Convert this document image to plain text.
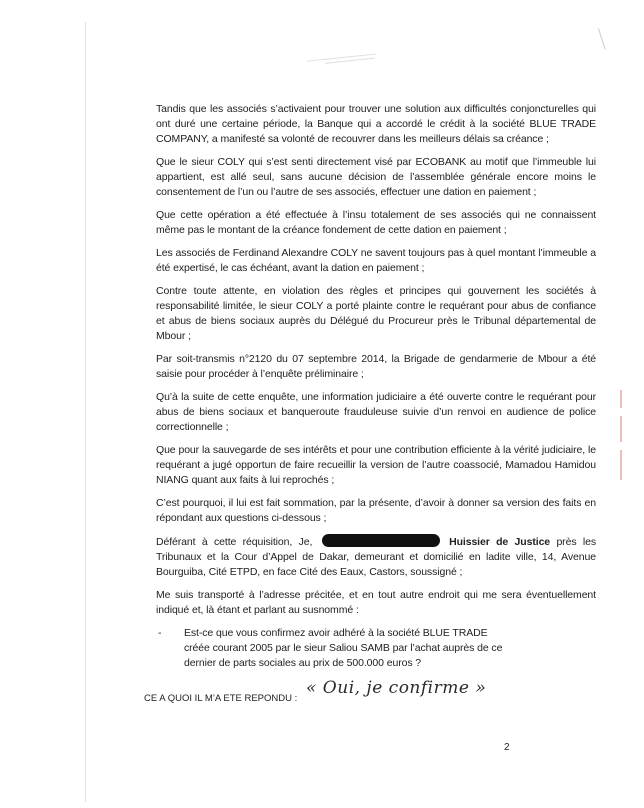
Tandis que les associés s’activaient pour trouver une solution aux difficultés conjoncturelles qui ont duré une certaine période, la Banque qui a accordé le crédit à la société BLUE TRADE COMPANY, a manifesté sa volonté de recouvrer dans les meilleurs délais sa créance ;

Que le sieur COLY qui s’est senti directement visé par ECOBANK au motif que l’immeuble lui appartient, est allé seul, sans aucune décision de l’assemblée générale encore moins le consentement de l’un ou l’autre de ses associés, effectuer une dation en paiement ;

Que cette opération a été effectuée à l’insu totalement de ses associés qui ne connaissent même pas le montant de la créance fondement de cette dation en paiement ;

Les associés de Ferdinand Alexandre COLY ne savent toujours pas à quel montant l’immeuble a été expertisé, le cas échéant, avant la dation en paiement ;

Contre toute attente, en violation des règles et principes qui gouvernent les sociétés à responsabilité limitée, le sieur COLY a porté plainte contre le requérant pour abus de confiance et abus de biens sociaux auprès du Délégué du Procureur près le Tribunal départemental de Mbour ;

Par soit-transmis n°2120 du 07 septembre 2014, la Brigade de gendarmerie de Mbour a été saisie pour procéder à l’enquête préliminaire ;

Qu’à la suite de cette enquête, une information judiciaire a été ouverte contre le requérant pour abus de biens sociaux et banqueroute frauduleuse suivie d’un renvoi en audience de police correctionnelle ;

Que pour la sauvegarde de ses intérêts et pour une contribution efficiente à la vérité judiciaire, le requérant a jugé opportun de faire recueillir la version de l’autre coassocié, Mamadou Hamidou NIANG quant aux faits à lui reprochés ;

C’est pourquoi, il lui est fait sommation, par la présente, d’avoir à donner sa version des faits en répondant aux questions ci-dessous ;

Déférant à cette réquisition, Je,	Huissier de Justice près les Tribunaux et la Cour d’Appel de Dakar, demeurant et domicilié en ladite ville, 14, Avenue Bourguiba, Cité ETPD, en face Cité des Eaux, Castors, soussigné ;

Me suis transporté à l’adresse précitée, et en tout autre endroit qui me sera éventuellement indiqué et, là étant et parlant au susnommé :

- Est-ce que vous confirmez avoir adhéré à la société BLUE TRADE créée courant 2005 par le sieur Saliou SAMB par l’achat auprès de ce dernier de parts sociales au prix de 500.000 euros ?
CE A QUOI IL M’A ETE REPONDU :
« Oui, je confirme »
2
